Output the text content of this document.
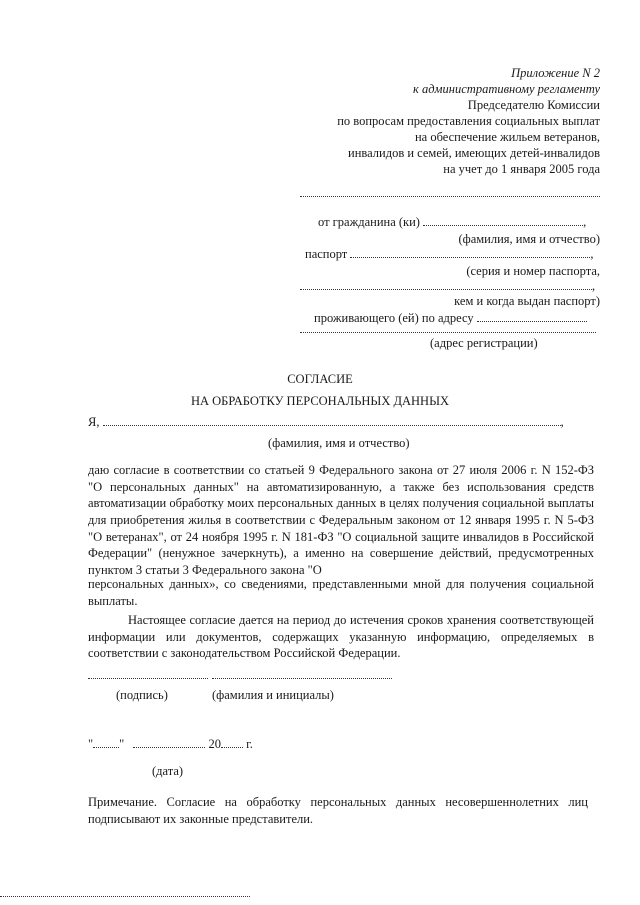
Приложение N 2
к административному регламенту
Председателю Комиссии
по вопросам предоставления социальных выплат
на обеспечение жильем ветеранов,
инвалидов и семей, имеющих детей-инвалидов
на учет до 1 января 2005 года
от гражданина (ки)	,
(фамилия, имя и отчество)
паспорт	,
(серия и номер паспорта,
,
кем и когда выдан паспорт)
проживающего (ей) по адресу
(адрес регистрации)
СОГЛАСИЕ
НА ОБРАБОТКУ ПЕРСОНАЛЬНЫХ ДАННЫХ
Я,	,
(фамилия, имя и отчество)
даю согласие в соответствии со статьей 9 Федерального закона от 27 июля 2006 г. N 152-ФЗ "О персональных данных" на автоматизированную, а также без использования средств автоматизации обработку моих персональных данных в целях получения социальной выплаты для приобретения жилья в соответствии с Федеральным законом от 12 января 1995 г. N 5-ФЗ "О ветеранах", от 24 ноября 1995 г. N 181-ФЗ "О социальной защите инвалидов в Российской Федерации" (ненужное зачеркнуть), а именно на совершение действий, предусмотренных пунктом 3 статьи 3 Федерального закона "О
персональных данных», со сведениями, представленными мной для получения социальной выплаты.
Настоящее согласие дается на период до истечения сроков хранения соответствующей информации или документов, содержащих указанную информацию, определяемых в соответствии с законодательством Российской Федерации.
(подпись)	(фамилия и инициалы)
" "	20 г.
(дата)
Примечание. Согласие на обработку персональных данных несовершеннолетних лиц подписывают их законные представители.
